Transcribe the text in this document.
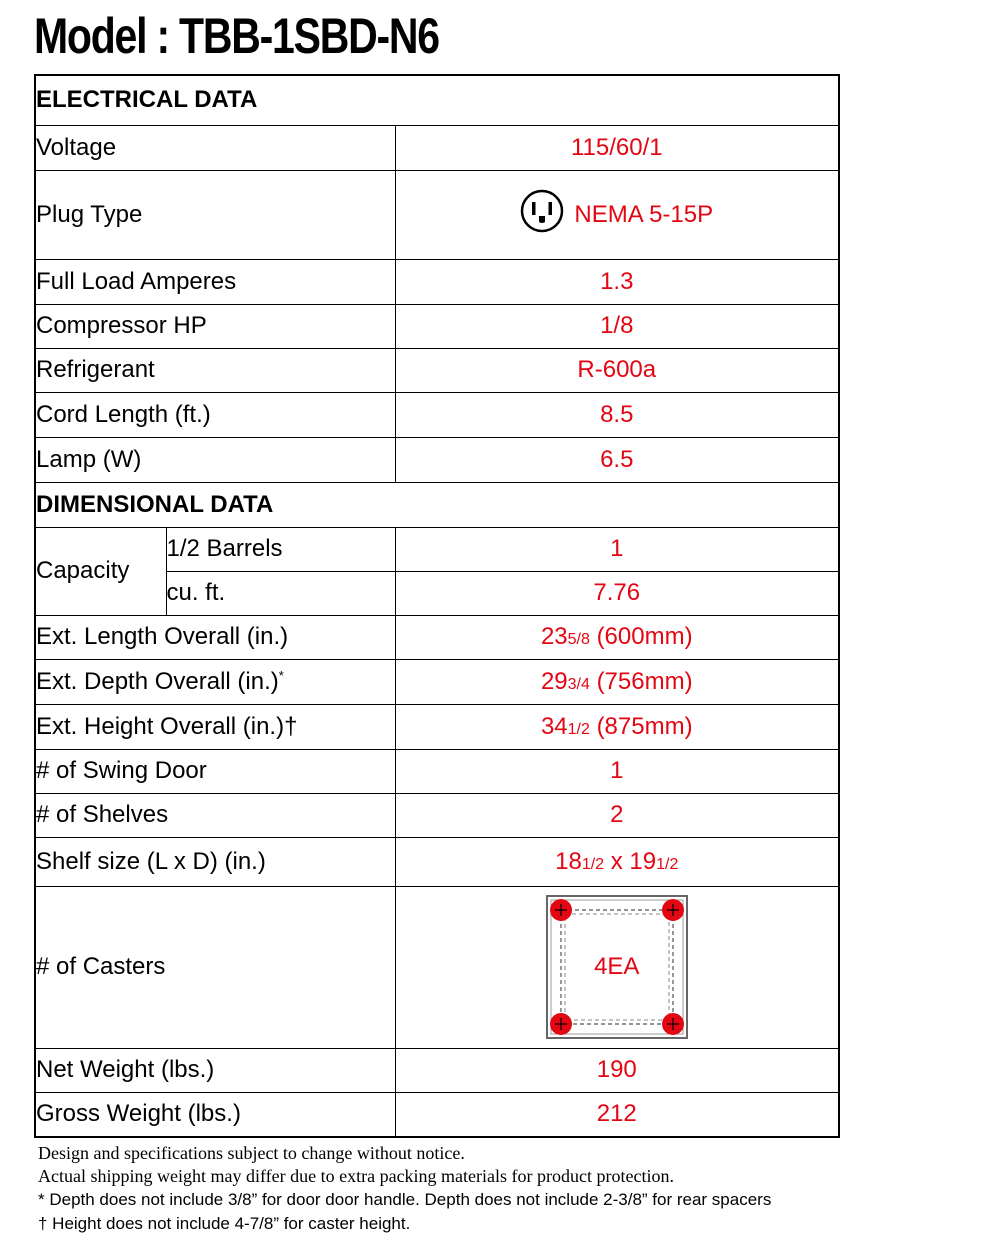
Model : TBB-1SBD-N6
ELECTRICAL DATA		
Voltage		115/60/1
Plug Type		NEMA 5-15P

Full Load Amperes		1.3
Compressor HP		1/8
Refrigerant		R-600a
Cord Length (ft.)		8.5
Lamp (W)		6.5
DIMENSIONAL DATA		
Capacity	1/2 Barrels	1
	cu. ft.	7.76
Ext. Length Overall (in.)		235/8 (600mm)
Ext. Depth Overall (in.)*		293/4 (756mm)
Ext. Height Overall (in.)†		341/2 (875mm)
# of Swing Door		1
# of Shelves		2
Shelf size (L x D) (in.)		181/2 x 191/2
# of Casters		4EA

Net Weight (lbs.)		190
Gross Weight (lbs.)		212
Design and specifications subject to change without notice.
Actual shipping weight may differ due to extra packing materials for product protection.
* Depth does not include 3/8” for door door handle. Depth does not include 2-3/8” for rear spacers
† Height does not include 4-7/8” for caster height.
